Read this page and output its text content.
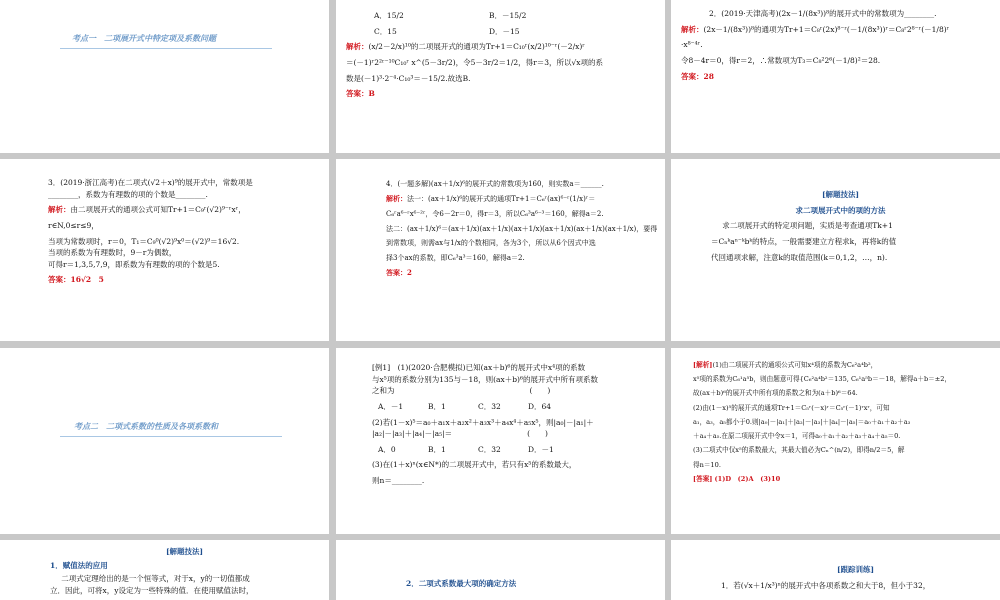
考点一　二项展开式中特定项及系数问题
A．15/2	B．－15/2
C．15	D．－15

解析：(x/2－2/x)¹⁰的二项展开式的通项为Tr+1＝C₁₀ʳ(x/2)¹⁰⁻ʳ(－2/x)ʳ

＝(－1)ʳ2²ʳ⁻¹⁰C₁₀ʳ x^(5－3r/2)，令5－3r/2＝1/2，得r＝3，所以√x项的系

数是(－1)³·2⁻⁴·C₁₀³＝－15/2.故选B.

答案：B

2．(2019·天津高考)(2x－1/(8x³))⁸的展开式中的常数项为________.

解析：(2x－1/(8x³))⁸的通项为Tr+1＝C₈ʳ(2x)⁸⁻ʳ(－1/(8x³))ʳ＝C₈ʳ2⁸⁻ʳ(－1/8)ʳ

·x⁸⁻⁴ʳ.

令8－4r＝0，得r＝2，∴常数项为T₃＝C₈²2⁶(－1/8)²＝28.

答案：28

3．(2019·浙江高考)在二项式(√2＋x)⁹的展开式中，常数项是

________，系数为有理数的项的个数是________.

解析：由二项展开式的通项公式可知Tr+1＝C₉ʳ(√2)⁹⁻ʳxʳ，

r∈N,0≤r≤9，

当项为常数项时，r＝0，T₁＝C₉⁰(√2)⁹x⁰＝(√2)⁹＝16√2.

当项的系数为有理数时，9－r为偶数，

可得r＝1,3,5,7,9，即系数为有理数的项的个数是5.

答案：16√2　5

4．(一题多解)(ax＋1/x)⁶的展开式的常数项为160，则实数a＝______.

解析：法一：(ax＋1/x)⁶的展开式的通项Tr+1＝C₆ʳ(ax)⁶⁻ʳ(1/x)ʳ＝

C₆ʳa⁶⁻ʳx⁶⁻²ʳ，令6－2r＝0，得r＝3，所以C₆³a⁶⁻³＝160，解得a＝2.

法二：(ax＋1/x)⁶＝(ax＋1/x)(ax＋1/x)(ax＋1/x)(ax＋1/x)(ax＋1/x)(ax＋1/x)，要得

到常数项，则需ax与1/x的个数相同，各为3个，所以从6个因式中选

择3个ax的系数，即C₆³a³＝160，解得a＝2.

答案：2

[解题技法]

求二项展开式中的项的方法

求二项展开式的特定项问题，实质是考查通项Tk+1

＝Cₙᵏaⁿ⁻ᵏbᵏ的特点，一般需要建立方程求k，再将k的值

代回通项求解，注意k的取值范围(k＝0,1,2，…，n).

考点二　二项式系数的性质及各项系数和

[例1]　(1)(2020·合肥模拟)已知(ax＋b)⁶的展开式中x⁴项的系数

与x⁵项的系数分别为135与－18，则(ax＋b)⁶的展开式中所有项系数

之和为　　　　　　　　　　　　　　　　　　(　　)

A．－1	B．1	C．32	D．64

(2)若(1－x)⁵＝a₀＋a₁x＋a₂x²＋a₃x³＋a₄x⁴＋a₅x⁵，则|a₀|－|a₁|＋

|a₂|－|a₃|＋|a₄|－|a₅|＝　　　　　　　　　　(　　)

A．0	B．1	C．32	D．－1

(3)在(1＋x)ⁿ(x∈N*)的二项展开式中，若只有x⁵的系数最大，

则n＝________.

[解析](1)由二项展开式的通项公式可知x⁴项的系数为C₆²a⁴b²，

x⁵项的系数为C₆¹a⁵b，则由题意可得{C₆²a⁴b²＝135, C₆¹a⁵b＝－18，解得a＋b＝±2，

故(ax＋b)⁶的展开式中所有项的系数之和为(a＋b)⁶＝64.

(2)由(1－x)⁵的展开式的通项Tr+1＝C₅ʳ(－x)ʳ＝C₅ʳ(－1)ʳxʳ，可知

a₁，a₃，a₅都小于0.则|a₀|－|a₁|＋|a₂|－|a₃|＋|a₄|－|a₅|＝a₀＋a₁＋a₂＋a₃

＋a₄＋a₅.在原二项展开式中令x＝1，可得a₀＋a₁＋a₂＋a₃＋a₄＋a₅＝0.

(3)二项式中仅x⁵的系数最大，其最大值必为Cₙ^(n/2)，即得n/2＝5，解

得n＝10.

[答案] (1)D　(2)A　(3)10

[解题技法]

1．赋值法的应用

二项式定理给出的是一个恒等式，对于x，y的一切值都成

立．因此，可将x，y设定为一些特殊的值．在使用赋值法时，

2．二项式系数最大项的确定方法

[跟踪训练]

1．若(√x＋1/x³)ⁿ的展开式中各项系数之和大于8，但小于32，
